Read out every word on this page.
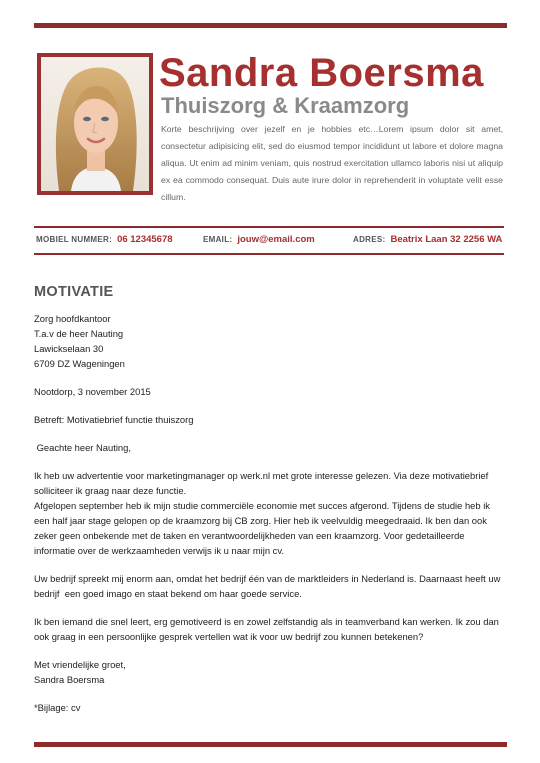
Sandra Boersma
Thuiszorg & Kraamzorg

Korte beschrijving over jezelf en je hobbies etc…Lorem ipsum dolor sit amet, consectetur adipisicing elit, sed do eiusmod tempor incididunt ut labore et dolore magna aliqua. Ut enim ad minim veniam, quis nostrud exercitation ullamco laboris nisi ut aliquip ex ea commodo consequat. Duis aute irure dolor in reprehenderit in voluptate velit esse cillum.

MOBIEL NUMMER: 06 12345678	EMAIL: jouw@email.com	ADRES: Beatrix Laan 32 2256 WA
MOTIVATIE

Zorg hoofdkantoor

T.a.v de heer Nauting

Lawickselaan 30

6709 DZ Wageningen

Nootdorp, 3 november 2015

Betreft: Motivatiebrief functie thuiszorg

Geachte heer Nauting,

Ik heb uw advertentie voor marketingmanager op werk.nl met grote interesse gelezen. Via deze motivatiebrief solliciteer ik graag naar deze functie.

Afgelopen september heb ik mijn studie commerciële economie met succes afgerond. Tijdens de studie heb ik een half jaar stage gelopen op de kraamzorg bij CB zorg. Hier heb ik veelvuldig meegedraaid. Ik ben dan ook zeker geen onbekende met de taken en verantwoordelijkheden van een kraamzorg. Voor gedetailleerde informatie over de werkzaamheden verwijs ik u naar mijn cv.

Uw bedrijf spreekt mij enorm aan, omdat het bedrijf één van de marktleiders in Nederland is. Daarnaast heeft uw bedrijf  een goed imago en staat bekend om haar goede service.

Ik ben iemand die snel leert, erg gemotiveerd is en zowel zelfstandig als in teamverband kan werken. Ik zou dan ook graag in een persoonlijke gesprek vertellen wat ik voor uw bedrijf zou kunnen betekenen?

Met vriendelijke groet,

Sandra Boersma

*Bijlage: cv
